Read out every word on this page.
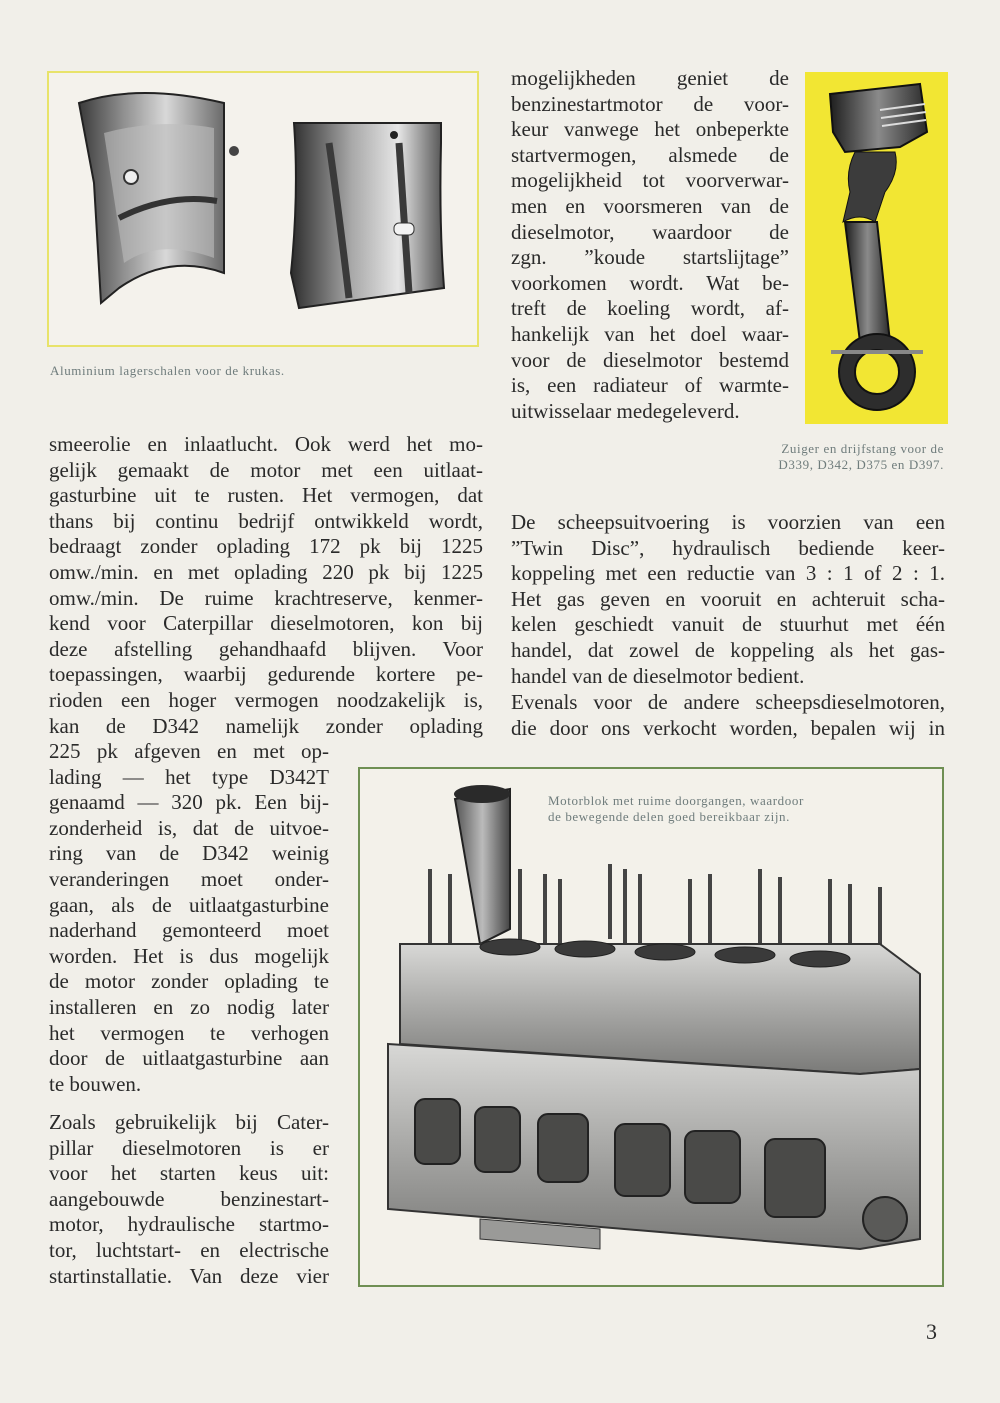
Aluminium lagerschalen voor de krukas.
mogelijkheden geniet de
benzinestartmotor de voor-
keur vanwege het onbeperkte
startvermogen, alsmede de
mogelijkheid tot voorverwar-
men en voorsmeren van de
dieselmotor, waardoor de
zgn. ”koude startslijtage”
voorkomen wordt. Wat be-
treft de koeling wordt, af-
hankelijk van het doel waar-
voor de dieselmotor bestemd
is, een radiateur of warmte-
uitwisselaar medegeleverd.
Zuiger en drijfstang voor de
D339, D342, D375 en D397.
smeerolie en inlaatlucht. Ook werd het mo-
gelijk gemaakt de motor met een uitlaat-
gasturbine uit te rusten. Het vermogen, dat
thans bij continu bedrijf ontwikkeld wordt,
bedraagt zonder oplading 172 pk bij 1225
omw./min. en met oplading 220 pk bij 1225
omw./min. De ruime krachtreserve, kenmer-
kend voor Caterpillar dieselmotoren, kon bij
deze afstelling gehandhaafd blijven. Voor
toepassingen, waarbij gedurende kortere pe-
rioden een hoger vermogen noodzakelijk is,
kan de D342 namelijk zonder oplading
225 pk afgeven en met op-
lading — het type D342T
genaamd — 320 pk. Een bij-
zonderheid is, dat de uitvoe-
ring van de D342 weinig
veranderingen moet onder-
gaan, als de uitlaatgasturbine
naderhand gemonteerd moet
worden. Het is dus mogelijk
de motor zonder oplading te
installeren en zo nodig later
het vermogen te verhogen
door de uitlaatgasturbine aan
te bouwen.
Zoals gebruikelijk bij Cater-
pillar dieselmotoren is er
voor het starten keus uit:
aangebouwde benzinestart-
motor, hydraulische startmo-
tor, luchtstart- en electrische
startinstallatie. Van deze vier
De scheepsuitvoering is voorzien van een
”Twin Disc”, hydraulisch bediende keer-
koppeling met een reductie van 3 : 1 of 2 : 1.
Het gas geven en vooruit en achteruit scha-
kelen geschiedt vanuit de stuurhut met één
handel, dat zowel de koppeling als het gas-
handel van de dieselmotor bedient.
Evenals voor de andere scheepsdieselmotoren,
die door ons verkocht worden, bepalen wij in
Motorblok met ruime doorgangen, waardoor
de bewegende delen goed bereikbaar zijn.
3
